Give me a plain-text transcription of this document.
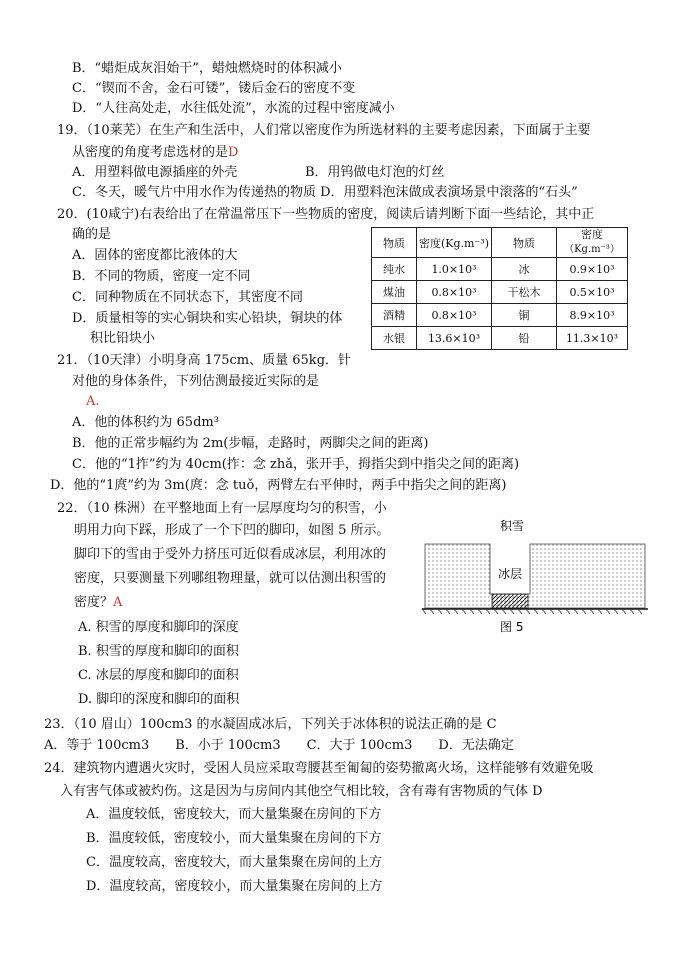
B．“蜡炬成灰泪始干”，蜡烛燃烧时的体积减小
C．“锲而不舍，金石可镂”，镂后金石的密度不变
D．“人往高处走，水往低处流”，水流的过程中密度减小
19．（10莱芜）在生产和生活中，人们常以密度作为所选材料的主要考虑因素，下面属于主要
从密度的角度考虑选材的是D
A．用塑料做电源插座的外壳	B．用钨做电灯泡的灯丝
C．冬天，暖气片中用水作为传递热的物质 D．用塑料泡沫做成表演场景中滚落的“石头”
20．(10咸宁)右表给出了在常温常压下一些物质的密度，阅读后请判断下面一些结论，其中正
确的是
A．固体的密度都比液体的大
B．不同的物质，密度一定不同
C．同种物质在不同状态下，其密度不同
D．质量相等的实心铜块和实心铅块，铜块的体
积比铅块小
物质	密度(Kg.m⁻³)	物质	密度
（Kg.m⁻³）
纯水	1.0×10³	冰	0.9×10³
煤油	0.8×10³	干松木	0.5×10³
酒精	0.8×10³	铜	8.9×10³
水银	13.6×10³	铅	11.3×10³
21．（10天津）小明身高 175cm、质量 65kg．针
对他的身体条件，下列估测最接近实际的是
A.
A．他的体积约为 65dm³
B．他的正常步幅约为 2m(步幅，走路时，两脚尖之间的距离)
C．他的“1拃”约为 40cm(拃：念 zhǎ，张开手，拇指尖到中指尖之间的距离)
D．他的“1庹”约为 3m(庹：念 tuǒ，两臂左右平伸时，两手中指尖之间的距离)
22．（10 株洲）在平整地面上有一层厚度均匀的积雪，小
明用力向下踩，形成了一个下凹的脚印，如图 5 所示。
脚印下的雪由于受外力挤压可近似看成冰层，利用冰的
密度，只要测量下列哪组物理量，就可以估测出积雪的
密度？A
A. 积雪的厚度和脚印的深度
B. 积雪的厚度和脚印的面积
C. 冰层的厚度和脚印的面积
D. 脚印的深度和脚印的面积
积雪
冰层
图 5
23．（10 眉山）100cm3 的水凝固成冰后，下列关于冰体积的说法正确的是 C
A．等于 100cm3　　B．小于 100cm3　　C．大于 100cm3　　D．无法确定
24．建筑物内遭遇火灾时，受困人员应采取弯腰甚至匍匐的姿势撤离火场，这样能够有效避免吸
入有害气体或被灼伤。这是因为与房间内其他空气相比较，含有毒有害物质的气体 D
A．温度较低，密度较大，而大量集聚在房间的下方
B．温度较低，密度较小，而大量集聚在房间的下方
C．温度较高，密度较大，而大量集聚在房间的上方
D．温度较高，密度较小，而大量集聚在房间的上方
